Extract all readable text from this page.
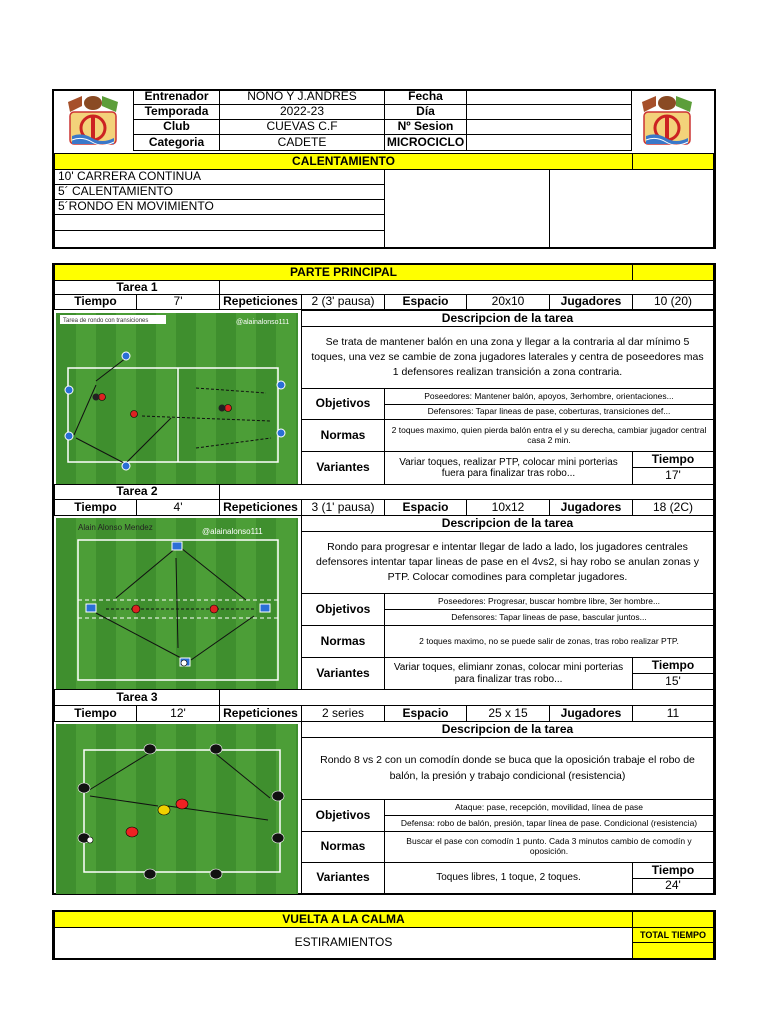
Entrenador	NONO Y J.ANDRES	Fecha
Temporada	2022-23	Día
Club	CUEVAS C.F	Nº Sesion
Categoria	CADETE	MICROCICLO
CALENTAMIENTO
10' CARRERA CONTINUA
5´ CALENTAMIENTO
5´RONDO EN MOVIMIENTO
PARTE PRINCIPAL
Tarea 1
Tiempo	7'	Repeticiones	2 (3' pausa)	Espacio	20x10	Jugadores	10 (20)
Tarea de rondo con transiciones	@alainalonso111	Descripcion de la tarea
Se trata de mantener balón en una zona y llegar a la contraria al dar mínimo 5 toques, una vez se cambie de zona jugadores laterales y centra de poseedores mas 1 defensores realizan transición a zona contraria.
Objetivos
Poseedores: Mantener balón, apoyos, 3erhombre, orientaciones...
Defensores: Tapar lineas de pase, coberturas, transiciones def...
Normas	2 toques maximo, quien pierda balón entra el y su derecha, cambiar jugador central casa 2 min.
Variantes	Variar toques, realizar PTP, colocar mini porterias fuera para finalizar tras robo...
Tiempo
17'
Tarea 2
Tiempo	4'	Repeticiones	3 (1' pausa)	Espacio	10x12	Jugadores	18 (2C)
Alain Alonso Mendez	@alainalonso111
Descripcion de la tarea
Rondo para progresar e intentar llegar de lado a lado, los jugadores centrales defensores intentar tapar lineas de pase en el 4vs2, si hay robo se anulan zonas y PTP. Colocar comodines para completar jugadores.
Objetivos
Poseedores: Progresar, buscar hombre libre, 3er hombre...
Defensores: Tapar lineas de pase, bascular juntos...
Normas	2 toques maximo, no se puede salir de zonas, tras robo realizar PTP.
Variantes	Variar toques, elimianr zonas, colocar mini porterias para finalizar tras robo...
Tiempo
15'
Tarea 3
Tiempo	12'	Repeticiones	2 series	Espacio	25 x 15	Jugadores	11
Descripcion de la tarea
Rondo 8 vs 2 con un comodín donde se buca que la oposición trabaje el robo de balón, la presión y trabajo condicional (resistencia)
Objetivos
Ataque: pase, recepción, movilidad, línea de pase
Defensa: robo de balón, presión, tapar línea de pase. Condicional (resistencia)
Normas	Buscar el pase con comodín 1 punto. Cada 3 minutos cambio de comodín y oposición.
Variantes	Toques libres, 1 toque, 2 toques.
Tiempo
24'
VUELTA A LA CALMA
ESTIRAMIENTOS
TOTAL TIEMPO
